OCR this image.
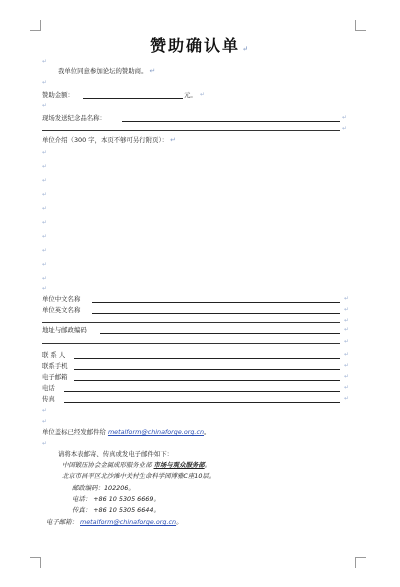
赞助确认单 ↵
↵
我单位同意参加论坛的赞助商。 ↵
↵
赞助金额：	元。 ↵
↵
现场发送纪念品名称：	↵
↵
单位介绍（300 字，本页不够可另行附页）： ↵
↵
↵
↵
↵
↵
↵
↵
↵
↵
↵
↵
单位中文名称	↵
单位英文名称	↵
↵
地址与邮政编码	↵
↵
联 系 人	↵
联系手机	↵
电子邮箱	↵
电话	↵
传真	↵
↵
↵
单位盖标已经发邮件给 metalform@chinaforge.org.cn。
↵
请将本表邮寄、传真或发电子邮件如下：
中国锻压协会金属成形服务业部 市场与观众服务部。
北京市昌平区北沙滩中关村生命科学园博雅C座10层。
邮政编码：102206。
电话： +86 10 5305 6669。
传真： +86 10 5305 6644。
电子邮箱： metalform@chinaforge.org.cn。
